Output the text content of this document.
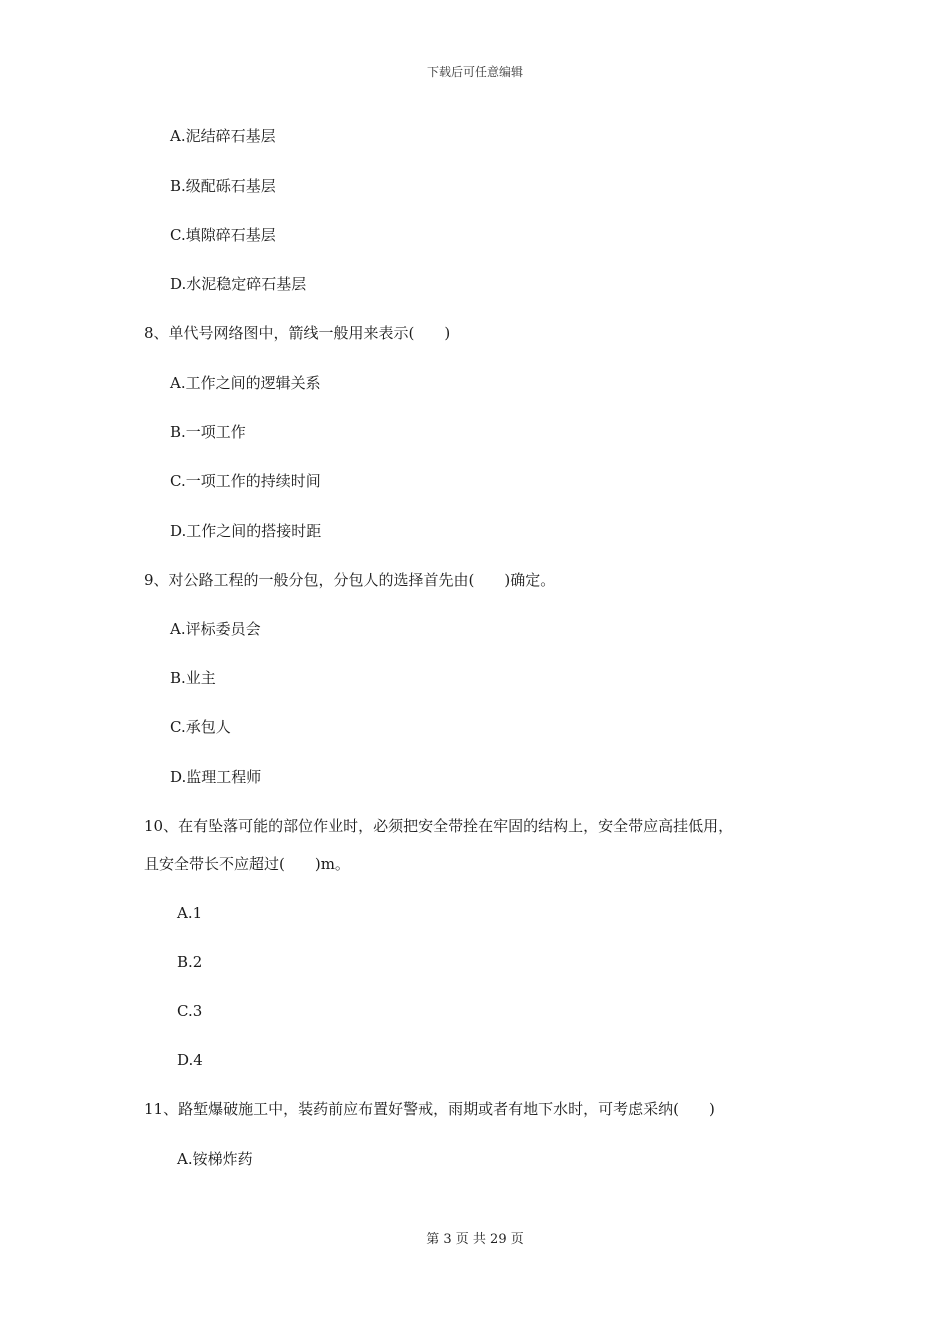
下载后可任意编辑
A.泥结碎石基层
B.级配砾石基层
C.填隙碎石基层
D.水泥稳定碎石基层
8、单代号网络图中，箭线一般用来表示(　　)
A.工作之间的逻辑关系
B.一项工作
C.一项工作的持续时间
D.工作之间的搭接时距
9、对公路工程的一般分包，分包人的选择首先由(　　)确定。
A.评标委员会
B.业主
C.承包人
D.监理工程师
10、在有坠落可能的部位作业时，必须把安全带拴在牢固的结构上，安全带应高挂低用，
且安全带长不应超过(　　)m。
A.1
B.2
C.3
D.4
11、路堑爆破施工中，装药前应布置好警戒，雨期或者有地下水时，可考虑采纳(　　)
A.铵梯炸药
第 3 页 共 29 页
